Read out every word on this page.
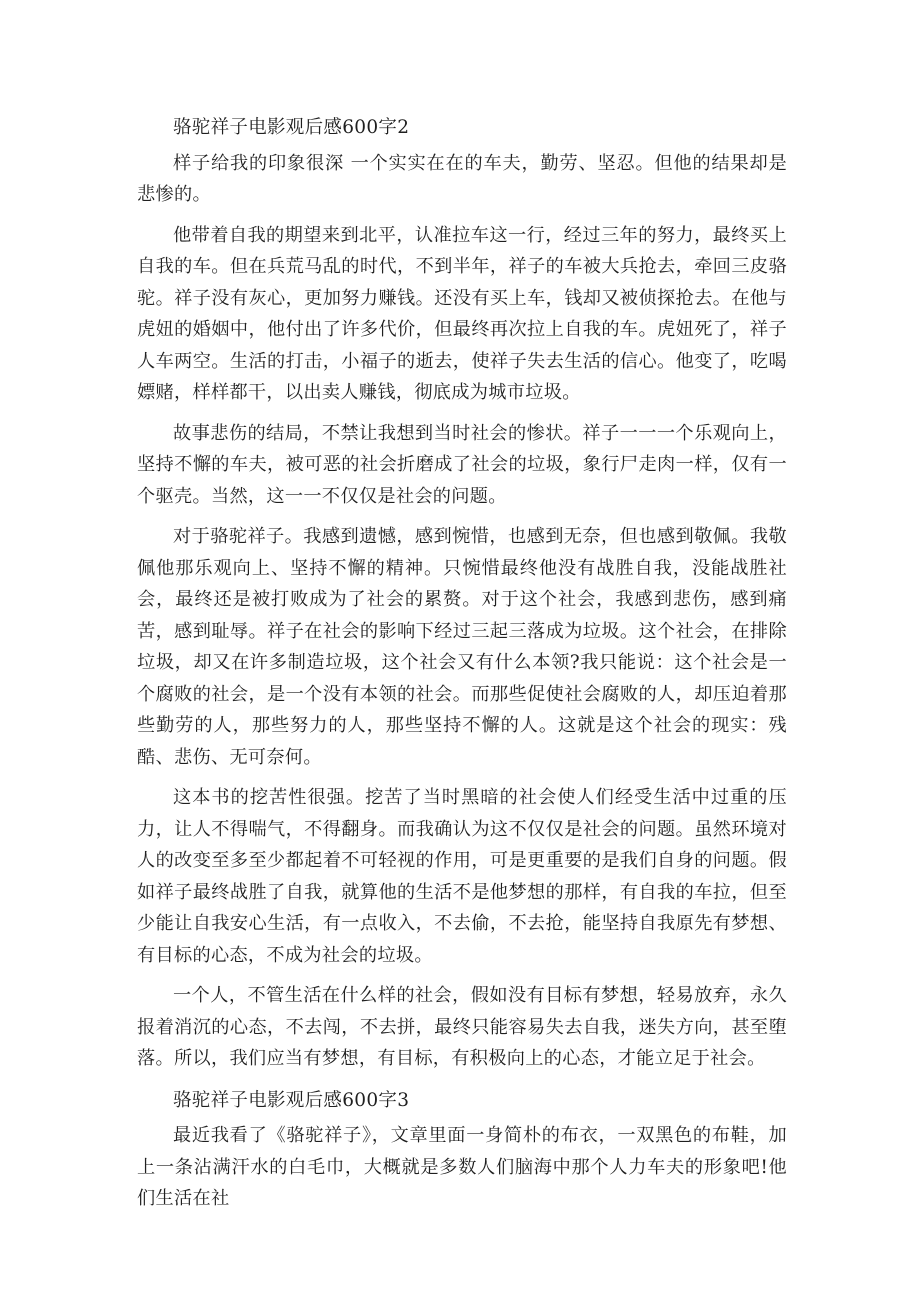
骆驼祥子电影观后感600字2

样子给我的印象很深 一个实实在在的车夫，勤劳、坚忍。但他的结果却是悲惨的。

他带着自我的期望来到北平，认准拉车这一行，经过三年的努力，最终买上自我的车。但在兵荒马乱的时代，不到半年，祥子的车被大兵抢去，牵回三皮骆驼。祥子没有灰心，更加努力赚钱。还没有买上车，钱却又被侦探抢去。在他与虎妞的婚姻中，他付出了许多代价，但最终再次拉上自我的车。虎妞死了，祥子人车两空。生活的打击，小福子的逝去，使祥子失去生活的信心。他变了，吃喝嫖赌，样样都干，以出卖人赚钱，彻底成为城市垃圾。

故事悲伤的结局，不禁让我想到当时社会的惨状。祥子一一一个乐观向上，坚持不懈的车夫，被可恶的社会折磨成了社会的垃圾，象行尸走肉一样，仅有一个驱壳。当然，这一一不仅仅是社会的问题。

对于骆驼祥子。我感到遗憾，感到惋惜，也感到无奈，但也感到敬佩。我敬佩他那乐观向上、坚持不懈的精神。只惋惜最终他没有战胜自我，没能战胜社会，最终还是被打败成为了社会的累赘。对于这个社会，我感到悲伤，感到痛苦，感到耻辱。祥子在社会的影响下经过三起三落成为垃圾。这个社会，在排除垃圾，却又在许多制造垃圾，这个社会又有什么本领?我只能说：这个社会是一个腐败的社会，是一个没有本领的社会。而那些促使社会腐败的人，却压迫着那些勤劳的人，那些努力的人，那些坚持不懈的人。这就是这个社会的现实：残酷、悲伤、无可奈何。

这本书的挖苦性很强。挖苦了当时黑暗的社会使人们经受生活中过重的压力，让人不得喘气，不得翻身。而我确认为这不仅仅是社会的问题。虽然环境对人的改变至多至少都起着不可轻视的作用，可是更重要的是我们自身的问题。假如祥子最终战胜了自我，就算他的生活不是他梦想的那样，有自我的车拉，但至少能让自我安心生活，有一点收入，不去偷，不去抢，能坚持自我原先有梦想、有目标的心态，不成为社会的垃圾。

一个人，不管生活在什么样的社会，假如没有目标有梦想，轻易放弃，永久报着消沉的心态，不去闯，不去拼，最终只能容易失去自我，迷失方向，甚至堕落。所以，我们应当有梦想，有目标，有积极向上的心态，才能立足于社会。

骆驼祥子电影观后感600字3

最近我看了《骆驼祥子》，文章里面一身简朴的布衣，一双黑色的布鞋，加上一条沾满汗水的白毛巾，大概就是多数人们脑海中那个人力车夫的形象吧!他们生活在社
